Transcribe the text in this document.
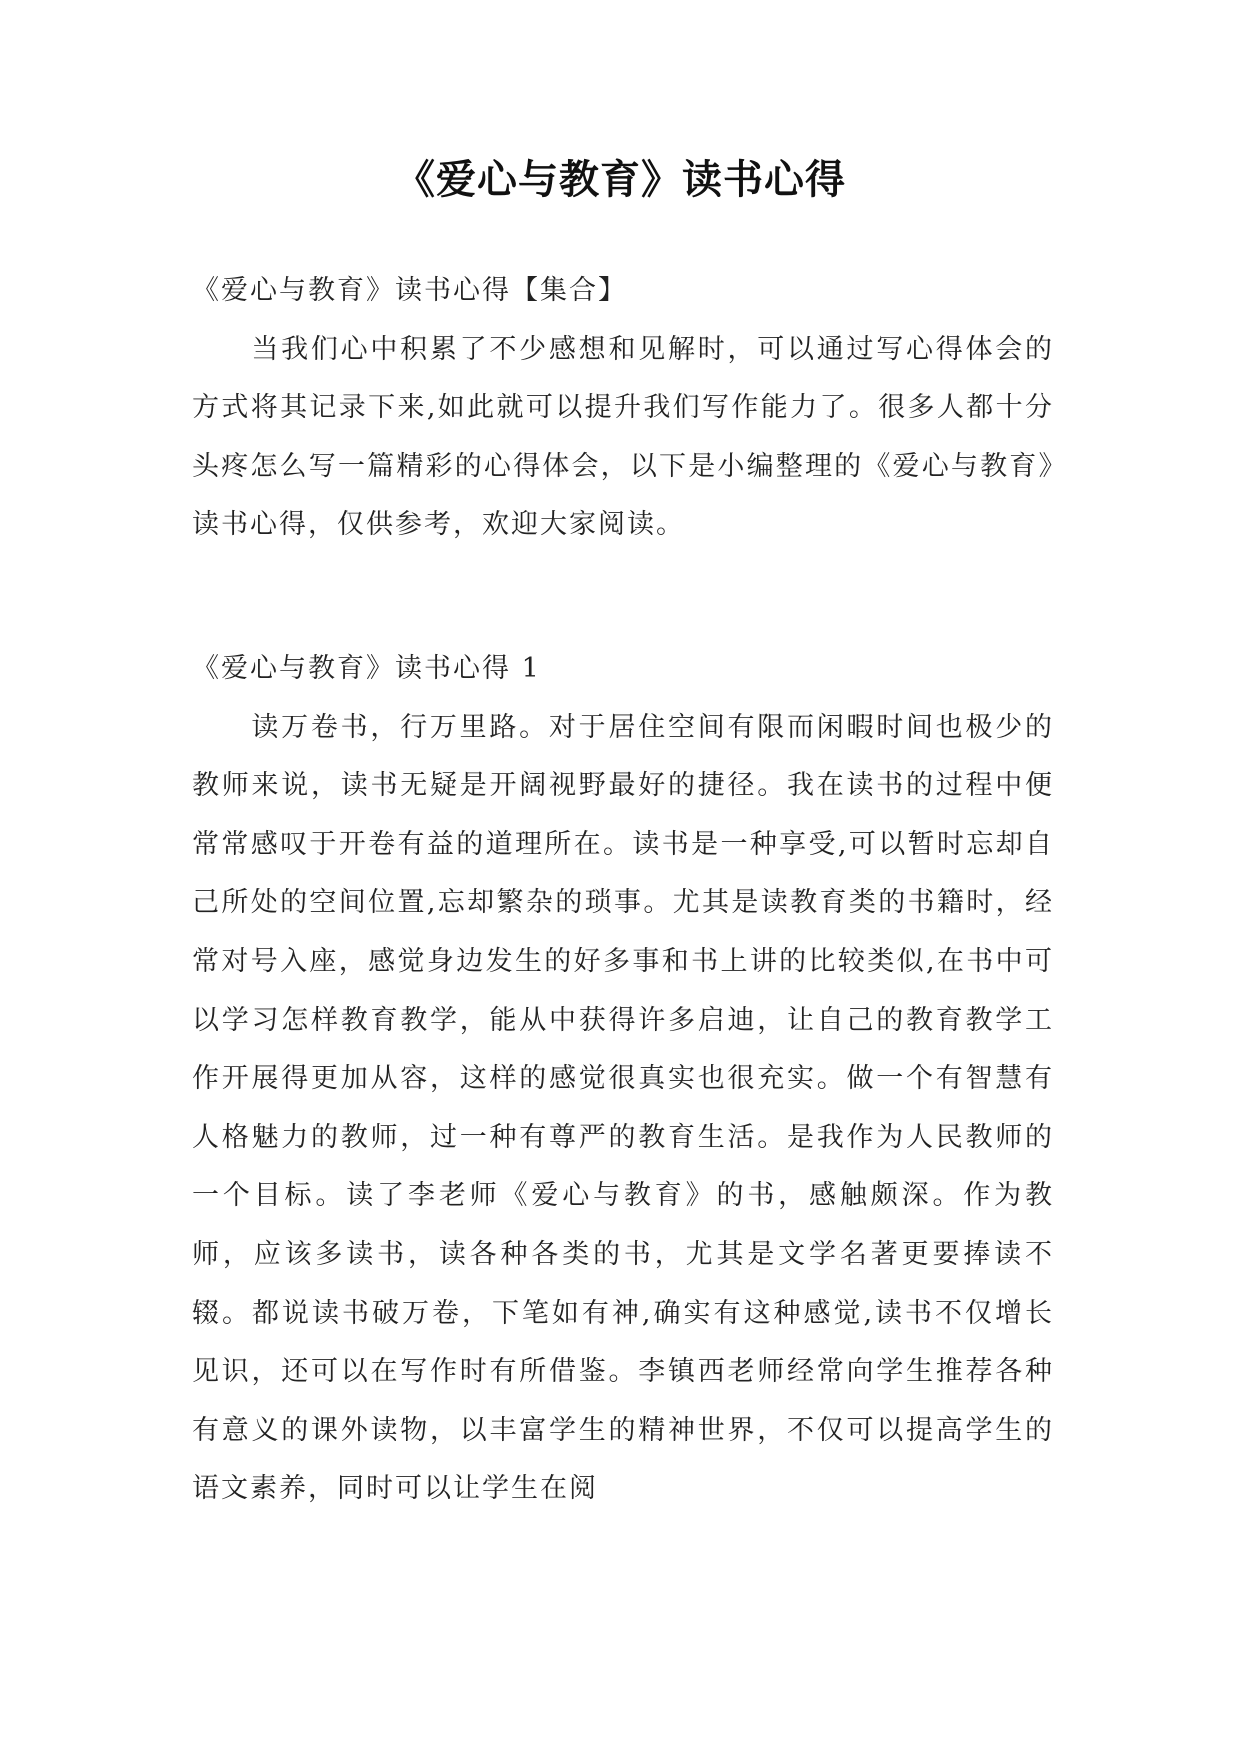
《爱心与教育》读书心得
《爱心与教育》读书心得【集合】

当我们心中积累了不少感想和见解时，可以通过写心得体会的方式将其记录下来,如此就可以提升我们写作能力了。很多人都十分头疼怎么写一篇精彩的心得体会，以下是小编整理的《爱心与教育》读书心得，仅供参考，欢迎大家阅读。

《爱心与教育》读书心得 1

读万卷书，行万里路。对于居住空间有限而闲暇时间也极少的教师来说，读书无疑是开阔视野最好的捷径。我在读书的过程中便常常感叹于开卷有益的道理所在。读书是一种享受,可以暂时忘却自己所处的空间位置,忘却繁杂的琐事。尤其是读教育类的书籍时，经常对号入座，感觉身边发生的好多事和书上讲的比较类似,在书中可以学习怎样教育教学，能从中获得许多启迪，让自己的教育教学工作开展得更加从容，这样的感觉很真实也很充实。做一个有智慧有人格魅力的教师，过一种有尊严的教育生活。是我作为人民教师的一个目标。读了李老师《爱心与教育》的书，感触颇深。作为教师，应该多读书，读各种各类的书，尤其是文学名著更要捧读不辍。都说读书破万卷，下笔如有神,确实有这种感觉,读书不仅增长见识，还可以在写作时有所借鉴。李镇西老师经常向学生推荐各种有意义的课外读物，以丰富学生的精神世界，不仅可以提高学生的语文素养，同时可以让学生在阅
